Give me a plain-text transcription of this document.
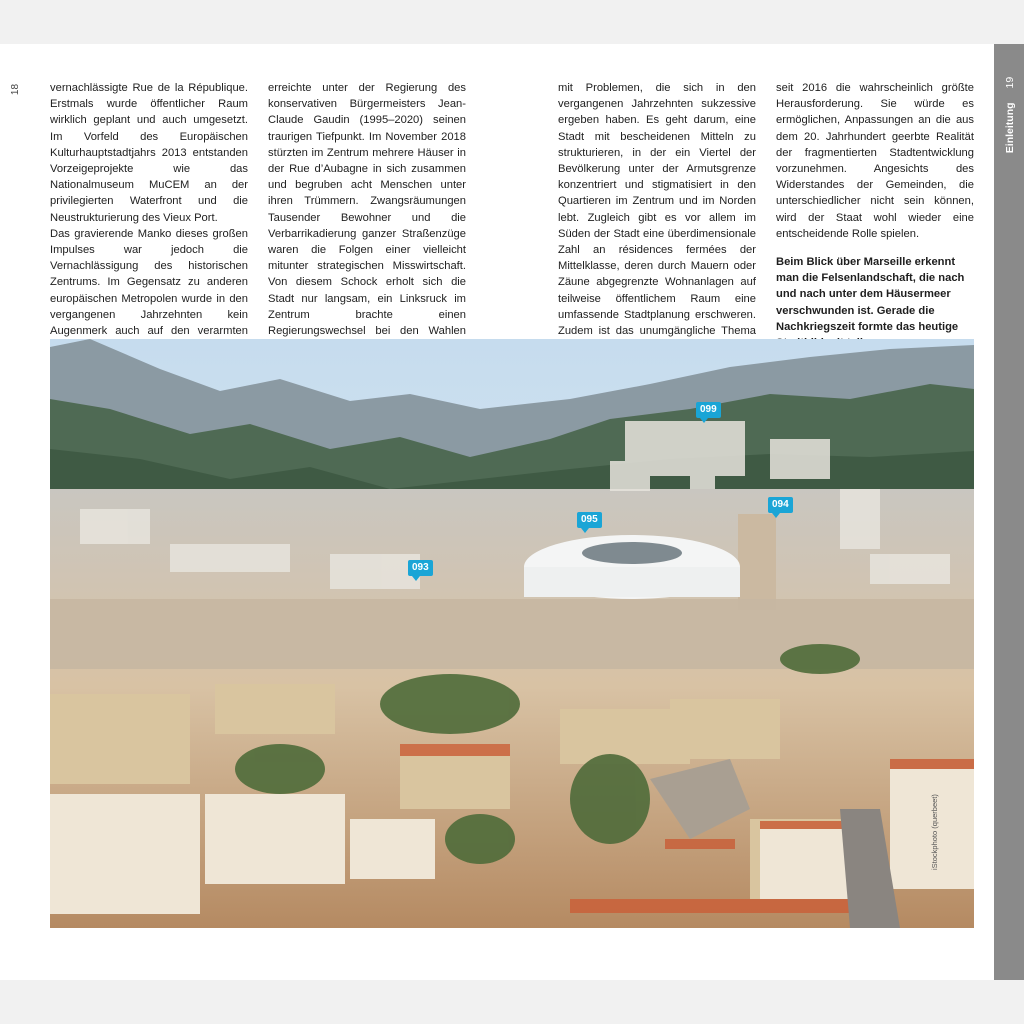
18
Einleitung
19

vernachlässigte Rue de la République. Erstmals wurde öffentlicher Raum wirklich geplant und auch umgesetzt. Im Vorfeld des Europäischen Kulturhauptstadtjahrs 2013 entstanden Vorzeigeprojekte wie das Nationalmuseum MuCEM an der privilegierten Waterfront und die Neustrukturierung des Vieux Port.

Das gravierende Manko dieses großen Impulses war jedoch die Vernachlässigung des historischen Zentrums. Im Gegensatz zu anderen europäischen Metropolen wurde in den vergangenen Jahrzehnten kein Augenmerk auch auf den verarmten

erreichte unter der Regierung des konservativen Bürgermeisters Jean-Claude Gaudin (1995–2020) seinen traurigen Tiefpunkt. Im November 2018 stürzten im Zentrum mehrere Häuser in der Rue d’Aubagne in sich zusammen und begruben acht Menschen unter ihren Trümmern. Zwangsräumungen Tausender Bewohner und die Verbarrikadierung ganzer Straßenzüge waren die Folgen einer vielleicht mitunter strategischen Misswirtschaft. Von diesem Schock erholt sich die Stadt nur langsam, ein Linksruck im Zentrum brachte einen Regierungswechsel bei den Wahlen

mit Problemen, die sich in den vergangenen Jahrzehnten sukzessive ergeben haben. Es geht darum, eine Stadt mit bescheidenen Mitteln zu strukturieren, in der ein Viertel der Bevölkerung unter der Armutsgrenze konzentriert und stigmatisiert in den Quartieren im Zentrum und im Norden lebt. Zugleich gibt es vor allem im Süden der Stadt eine überdimensionale Zahl an résidences fermées der Mittelklasse, deren durch Mauern oder Zäune abgegrenzte Wohnanlagen auf teilweise öffentlichem Raum eine umfassende Stadtplanung erschweren. Zudem ist das unumgängliche Thema

seit 2016 die wahrscheinlich größte Herausforderung. Sie würde es ermöglichen, Anpassungen an die aus dem 20. Jahrhundert geerbte Realität der fragmentierten Stadtentwicklung vorzunehmen. Angesichts des Widerstandes der Gemeinden, die unterschiedlicher nicht sein können, wird der Staat wohl wieder eine entscheidende Rolle spielen.

Beim Blick über Marseille erkennt man die Felsenlandschaft, die nach und nach unter dem Häusermeer verschwunden ist. Gerade die Nachkriegszeit formte das heutige

099
095
094
093
iStockphoto (querbeet)
